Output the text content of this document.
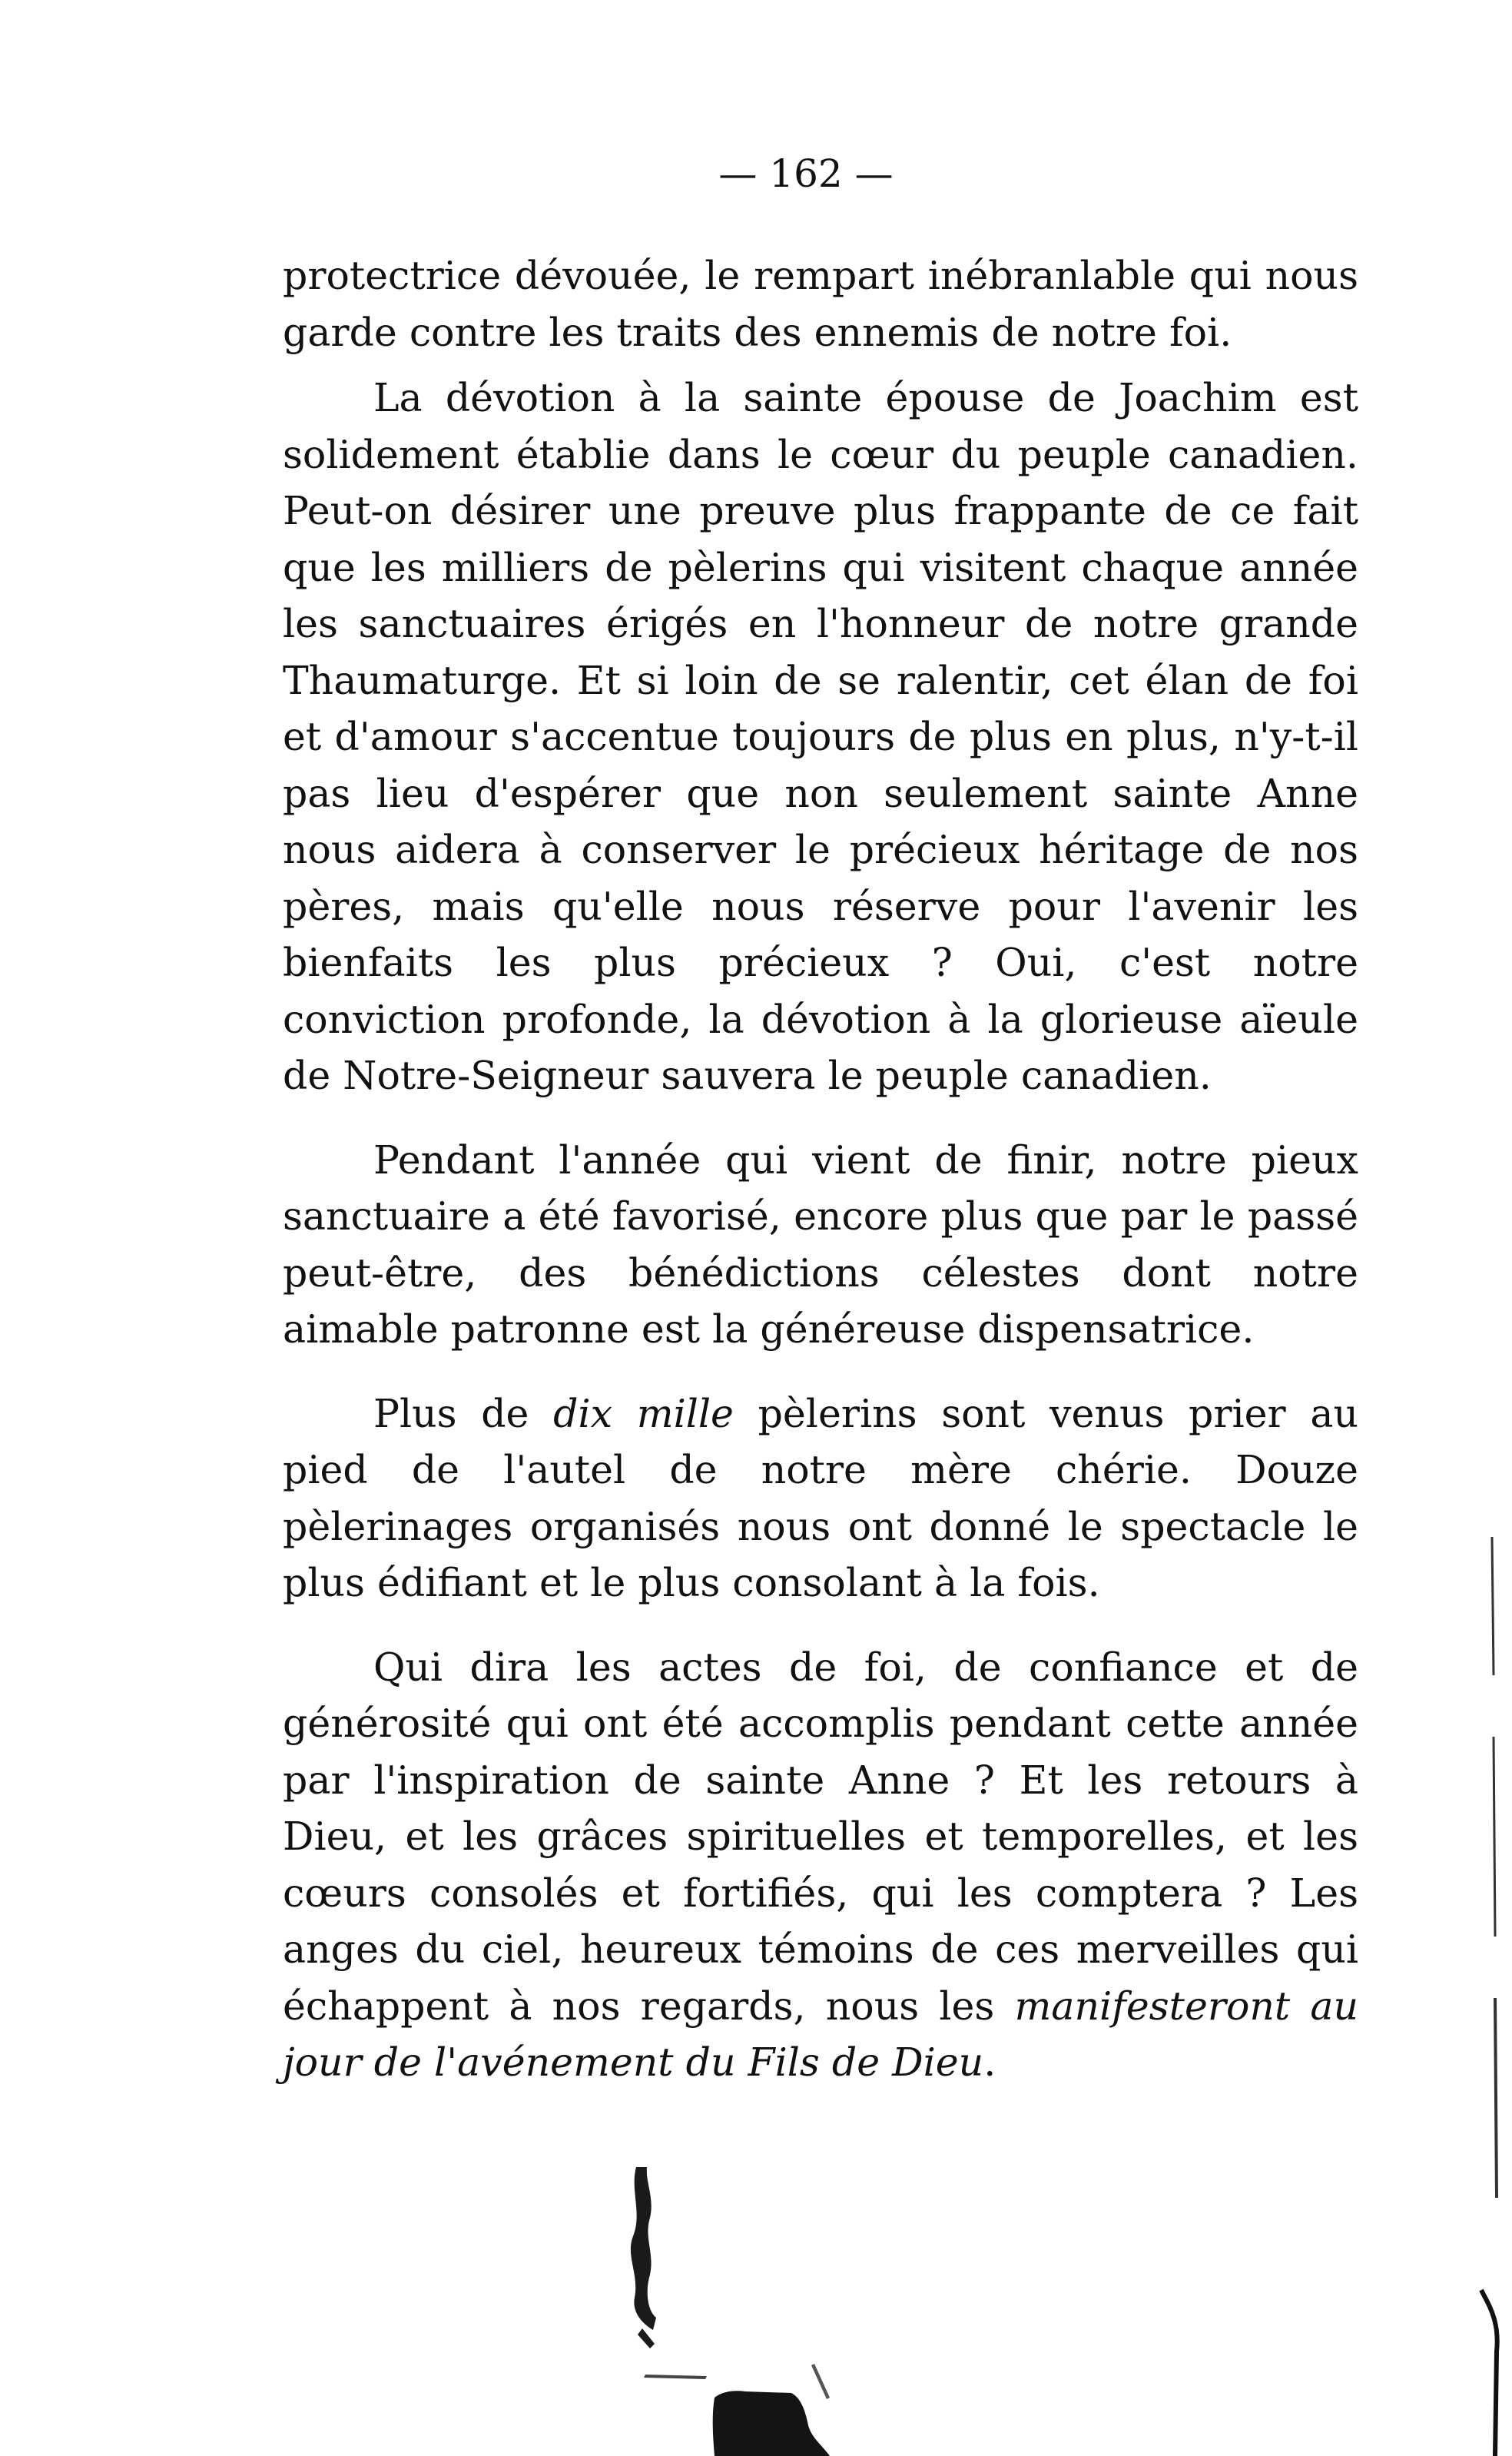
— 162 —

protectrice dévouée, le rempart inébranlable qui nous garde contre les traits des ennemis de notre foi.

La dévotion à la sainte épouse de Joachim est solidement établie dans le cœur du peuple canadien. Peut-on désirer une preuve plus frappante de ce fait que les milliers de pèlerins qui visitent chaque année les sanctuaires érigés en l'honneur de notre grande Thaumaturge. Et si loin de se ralentir, cet élan de foi et d'amour s'accentue toujours de plus en plus, n'y-t-il pas lieu d'espérer que non seulement sainte Anne nous aidera à conserver le précieux héritage de nos pères, mais qu'elle nous réserve pour l'avenir les bienfaits les plus précieux ? Oui, c'est notre conviction profonde, la dévotion à la glorieuse aïeule de Notre-Seigneur sauvera le peuple canadien.

Pendant l'année qui vient de finir, notre pieux sanctuaire a été favorisé, encore plus que par le passé peut-être, des bénédictions célestes dont notre aimable patronne est la généreuse dispensatrice.

Plus de dix mille pèlerins sont venus prier au pied de l'autel de notre mère chérie. Douze pèlerinages organisés nous ont donné le spectacle le plus édifiant et le plus consolant à la fois.

Qui dira les actes de foi, de confiance et de générosité qui ont été accomplis pendant cette année par l'inspiration de sainte Anne ? Et les retours à Dieu, et les grâces spirituelles et temporelles, et les cœurs consolés et fortifiés, qui les comptera ? Les anges du ciel, heureux témoins de ces merveilles qui échappent à nos regards, nous les manifesteront au jour de l'avénement du Fils de Dieu.
